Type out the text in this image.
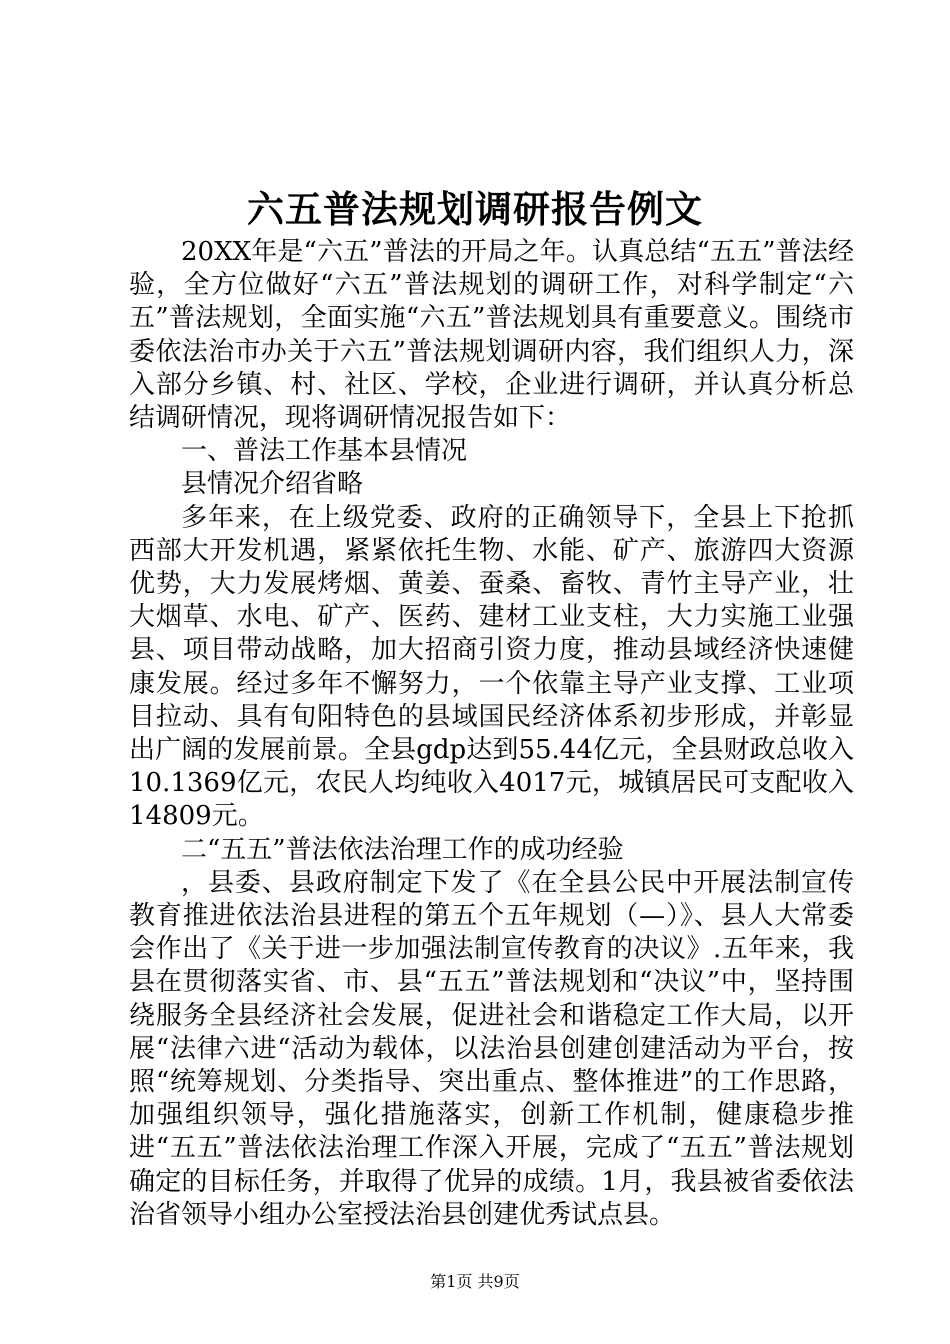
六五普法规划调研报告例文

20XX年是“六五”普法的开局之年。认真总结“五五”普法经验，全方位做好“六五”普法规划的调研工作，对科学制定“六五”普法规划，全面实施“六五”普法规划具有重要意义。围绕市委依法治市办关于六五”普法规划调研内容，我们组织人力，深入部分乡镇、村、社区、学校，企业进行调研，并认真分析总结调研情况，现将调研情况报告如下：

一、普法工作基本县情况

县情况介绍省略

多年来，在上级党委、政府的正确领导下，全县上下抢抓西部大开发机遇，紧紧依托生物、水能、矿产、旅游四大资源优势，大力发展烤烟、黄姜、蚕桑、畜牧、青竹主导产业，壮大烟草、水电、矿产、医药、建材工业支柱，大力实施工业强县、项目带动战略，加大招商引资力度，推动县域经济快速健康发展。经过多年不懈努力，一个依靠主导产业支撑、工业项目拉动、具有旬阳特色的县域国民经济体系初步形成，并彰显出广阔的发展前景。全县gdp达到55.44亿元，全县财政总收入10.1369亿元，农民人均纯收入4017元，城镇居民可支配收入14809元。

二“五五”普法依法治理工作的成功经验

，县委、县政府制定下发了《在全县公民中开展法制宣传教育推进依法治县进程的第五个五年规划（—）》、县人大常委会作出了《关于进一步加强法制宣传教育的决议》.五年来，我县在贯彻落实省、市、县“五五”普法规划和“决议”中，坚持围绕服务全县经济社会发展，促进社会和谐稳定工作大局，以开展“法律六进“活动为载体，以法治县创建创建活动为平台，按照“统筹规划、分类指导、突出重点、整体推进”的工作思路，加强组织领导，强化措施落实，创新工作机制，健康稳步推进“五五”普法依法治理工作深入开展，完成了“五五”普法规划确定的目标任务，并取得了优异的成绩。1月，我县被省委依法治省领导小组办公室授法治县创建优秀试点县。

第1页 共9页
